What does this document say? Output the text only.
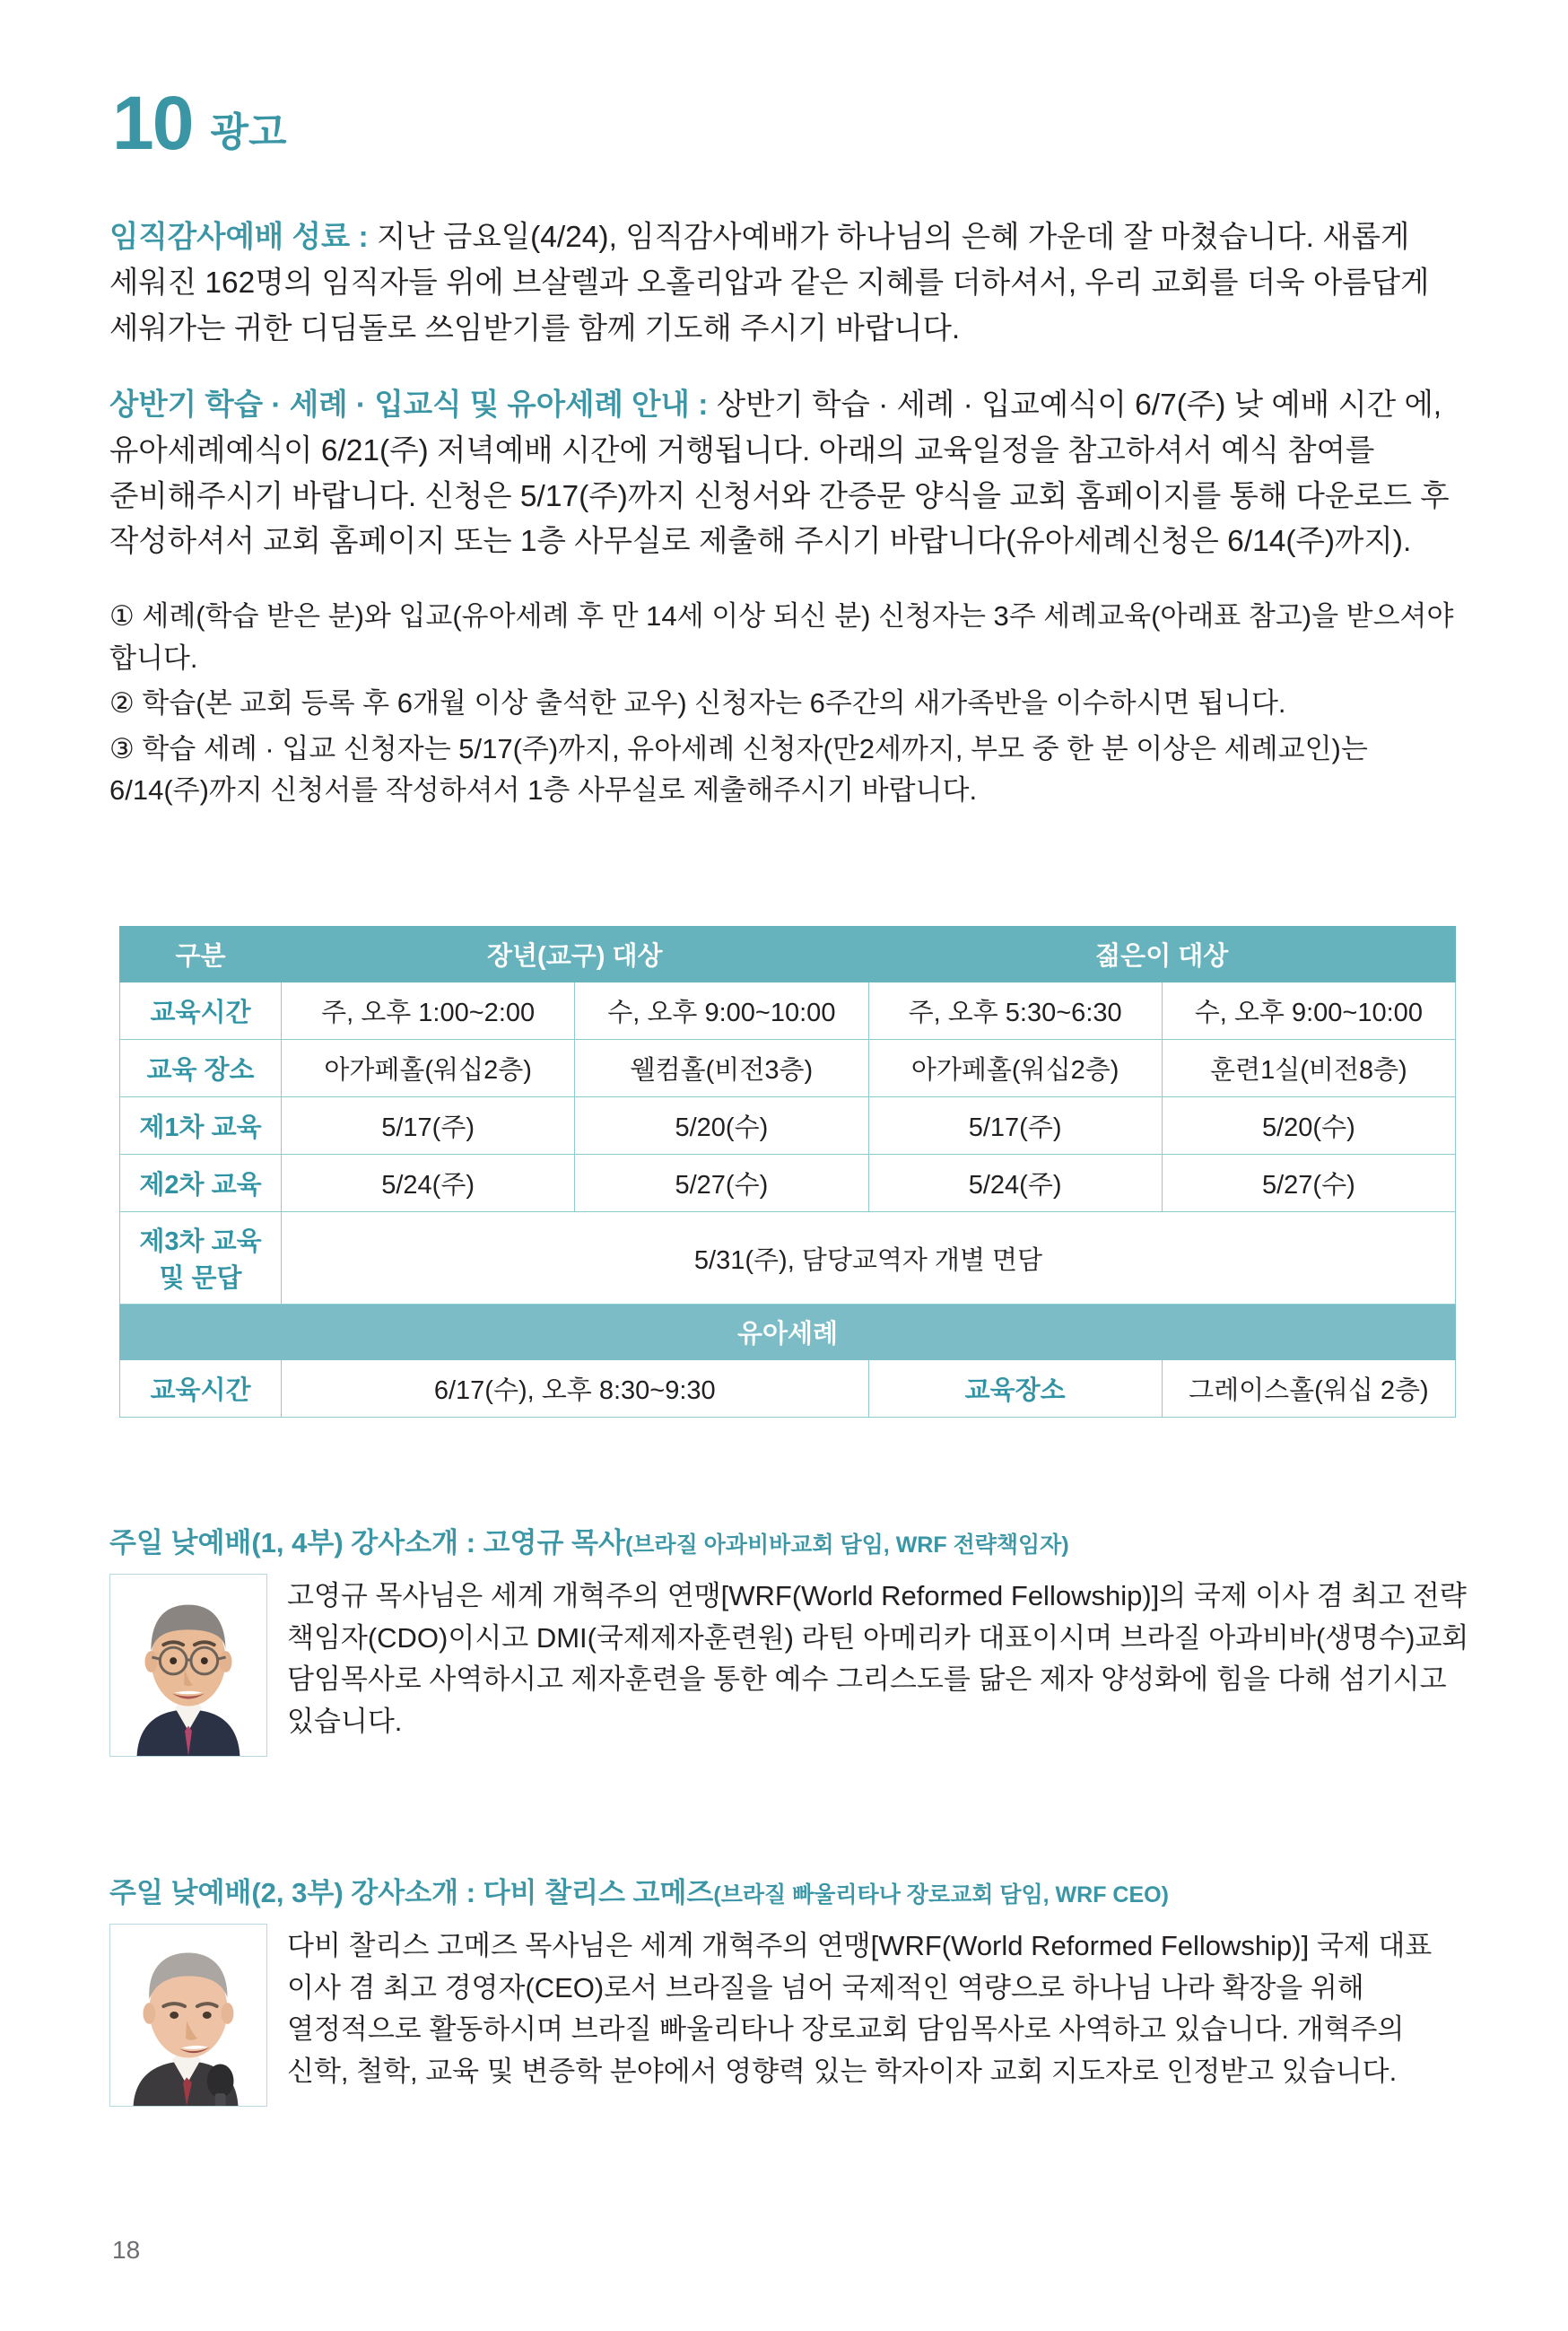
10 광고

임직감사예배 성료 : 지난 금요일(4/24), 임직감사예배가 하나님의 은혜 가운데 잘 마쳤습니다. 새롭게 세워진 162명의 임직자들 위에 브살렐과 오홀리압과 같은 지혜를 더하셔서, 우리 교회를 더욱 아름답게 세워가는 귀한 디딤돌로 쓰임받기를 함께 기도해 주시기 바랍니다.

상반기 학습 · 세례 · 입교식 및 유아세례 안내 : 상반기 학습 · 세례 · 입교예식이 6/7(주) 낮 예배 시간 에, 유아세례예식이 6/21(주) 저녁예배 시간에 거행됩니다. 아래의 교육일정을 참고하셔서 예식 참여를 준비해주시기 바랍니다. 신청은 5/17(주)까지 신청서와 간증문 양식을 교회 홈페이지를 통해 다운로드 후 작성하셔서 교회 홈페이지 또는 1층 사무실로 제출해 주시기 바랍니다(유아세례신청은 6/14(주)까지).

① 세례(학습 받은 분)와 입교(유아세례 후 만 14세 이상 되신 분) 신청자는 3주 세례교육(아래표 참고)을 받으셔야 합니다.

② 학습(본 교회 등록 후 6개월 이상 출석한 교우) 신청자는 6주간의 새가족반을 이수하시면 됩니다.

③ 학습 세례 · 입교 신청자는 5/17(주)까지, 유아세례 신청자(만2세까지, 부모 중 한 분 이상은 세례교인)는 6/14(주)까지 신청서를 작성하셔서 1층 사무실로 제출해주시기 바랍니다.

구분	장년(교구) 대상		젊은이 대상	
교육시간	주, 오후 1:00~2:00	수, 오후 9:00~10:00	주, 오후 5:30~6:30	수, 오후 9:00~10:00
교육 장소	아가페홀(워십2층)	웰컴홀(비전3층)	아가페홀(워십2층)	훈련1실(비전8층)
제1차 교육	5/17(주)	5/20(수)	5/17(주)	5/20(수)
제2차 교육	5/24(주)	5/27(수)	5/24(주)	5/27(수)
제3차 교육 및 문답	5/31(주), 담당교역자 개별 면담			
유아세례				
교육시간	6/17(수), 오후 8:30~9:30		교육장소	그레이스홀(워십 2층)

주일 낮예배(1, 4부) 강사소개 : 고영규 목사(브라질 아과비바교회 담임, WRF 전략책임자)

고영규 목사님은 세계 개혁주의 연맹[WRF(World Reformed Fellowship)]의 국제 이사 겸 최고 전략 책임자(CDO)이시고 DMI(국제제자훈련원) 라틴 아메리카 대표이시며 브라질 아과비바(생명수)교회 담임목사로 사역하시고 제자훈련을 통한 예수 그리스도를 닮은 제자 양성화에 힘을 다해 섬기시고 있습니다.

주일 낮예배(2, 3부) 강사소개 : 다비 찰리스 고메즈(브라질 빠울리타나 장로교회 담임, WRF CEO)

다비 찰리스 고메즈 목사님은 세계 개혁주의 연맹[WRF(World Reformed Fellowship)] 국제 대표 이사 겸 최고 경영자(CEO)로서 브라질을 넘어 국제적인 역량으로 하나님 나라 확장을 위해 열정적으로 활동하시며 브라질 빠울리타나 장로교회 담임목사로 사역하고 있습니다. 개혁주의 신학, 철학, 교육 및 변증학 분야에서 영향력 있는 학자이자 교회 지도자로 인정받고 있습니다.
18
